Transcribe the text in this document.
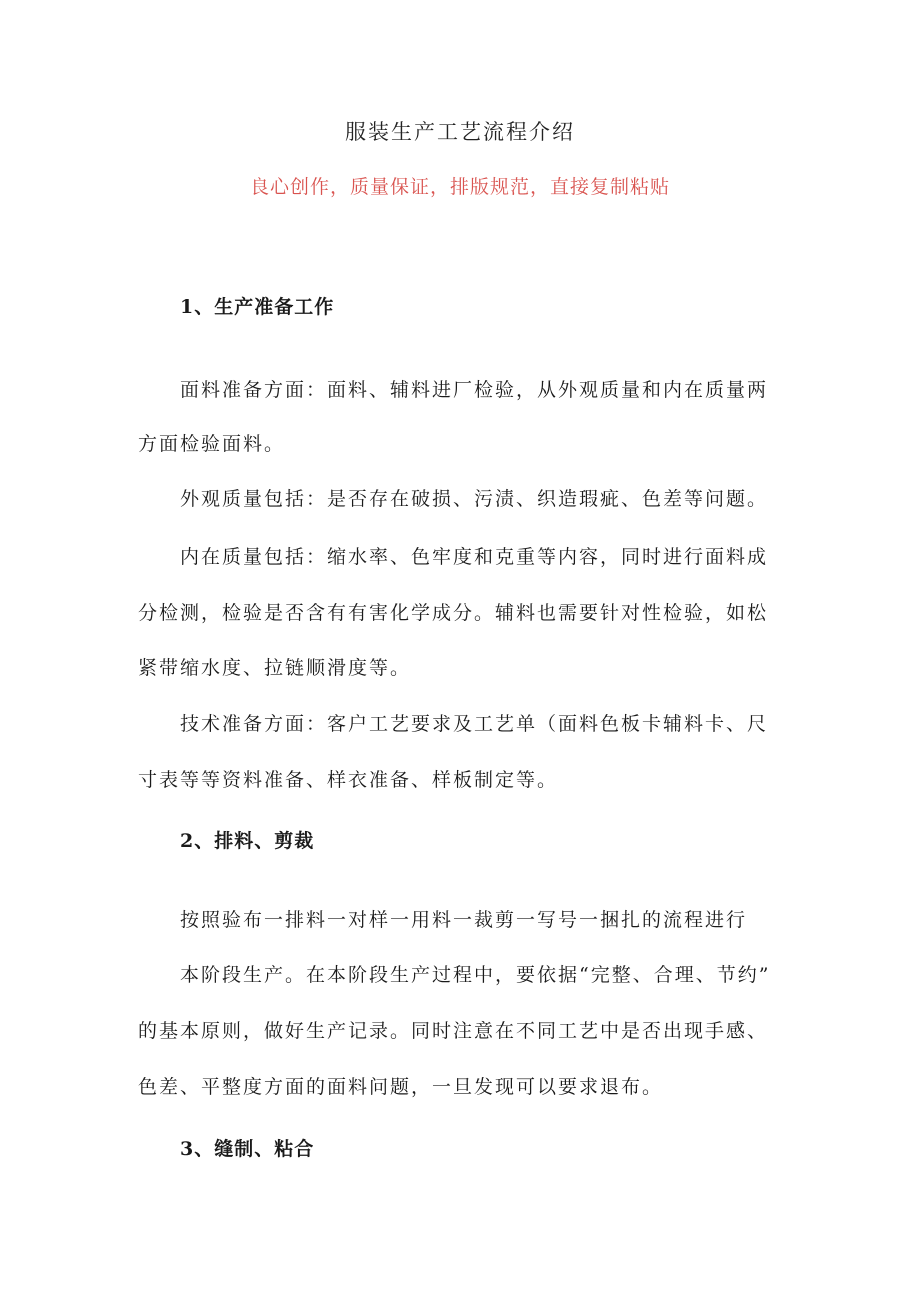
服装生产工艺流程介绍
良心创作，质量保证，排版规范，直接复制粘贴
1、生产准备工作
面料准备方面：面料、辅料进厂检验，从外观质量和内在质量两
方面检验面料。
外观质量包括：是否存在破损、污渍、织造瑕疵、色差等问题。
内在质量包括：缩水率、色牢度和克重等内容，同时进行面料成
分检测，检验是否含有有害化学成分。辅料也需要针对性检验，如松
紧带缩水度、拉链顺滑度等。
技术准备方面：客户工艺要求及工艺单（面料色板卡辅料卡、尺
寸表等等资料准备、样衣准备、样板制定等。
2、排料、剪裁
按照验布一排料一对样一用料一裁剪一写号一捆扎的流程进行
本阶段生产。在本阶段生产过程中，要依据“完整、合理、节约”
的基本原则，做好生产记录。同时注意在不同工艺中是否出现手感、
色差、平整度方面的面料问题，一旦发现可以要求退布。
3、缝制、粘合
